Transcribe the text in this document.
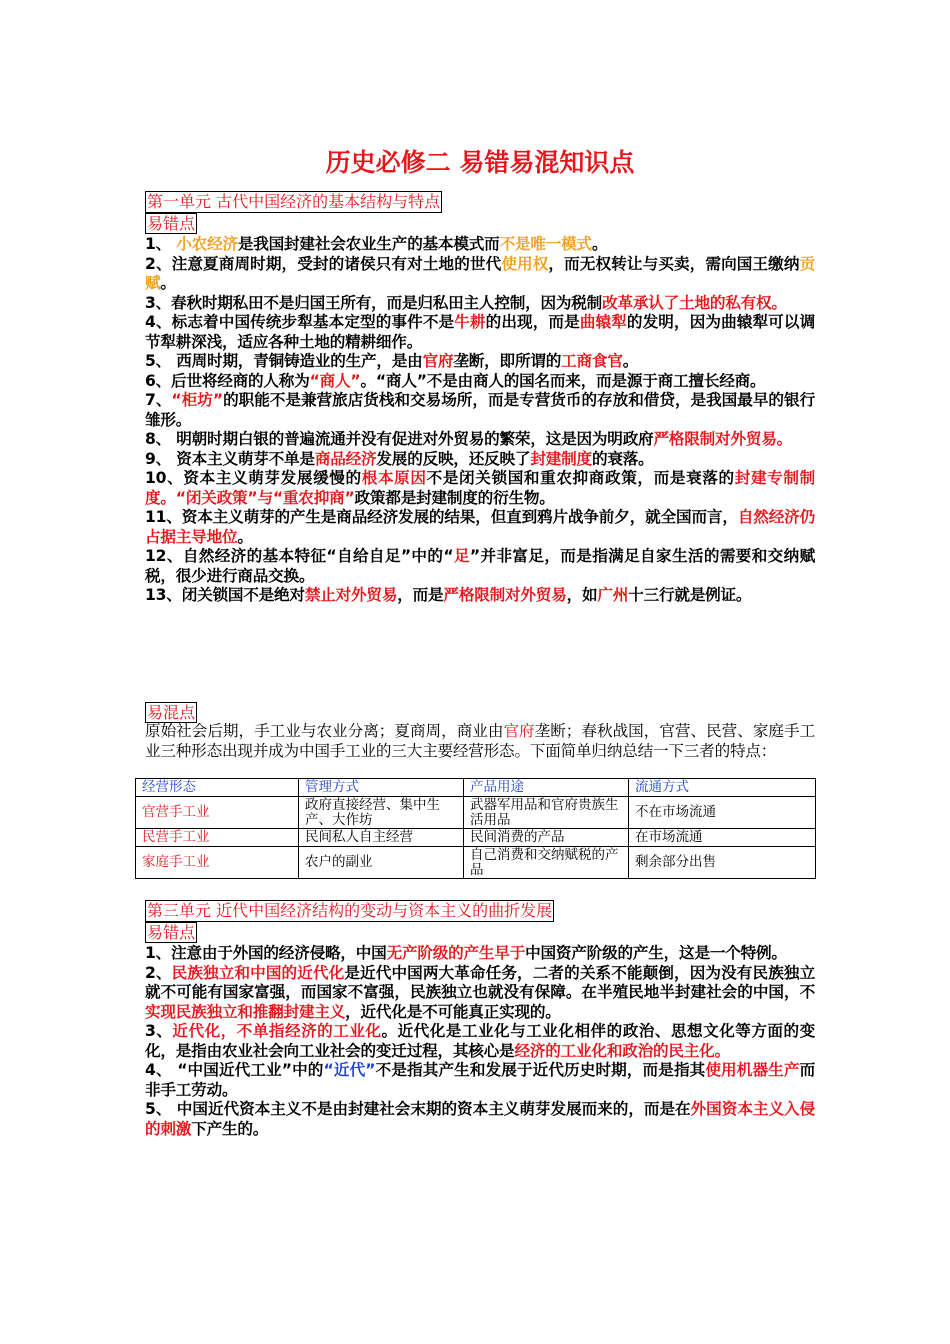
历史必修二 易错易混知识点
第一单元 古代中国经济的基本结构与特点
易错点

1、 小农经济是我国封建社会农业生产的基本模式而不是唯一模式。

2、注意夏商周时期，受封的诸侯只有对土地的世代使用权，而无权转让与买卖，需向国王缴纳贡赋。

3、春秋时期私田不是归国王所有，而是归私田主人控制，因为税制改革承认了土地的私有权。

4、标志着中国传统步犁基本定型的事件不是牛耕的出现，而是曲辕犁的发明，因为曲辕犁可以调节犁耕深浅，适应各种土地的精耕细作。

5、 西周时期，青铜铸造业的生产，是由官府垄断，即所谓的工商食官。

6、后世将经商的人称为“商人”。“商人”不是由商人的国名而来，而是源于商工擅长经商。

7、“柜坊”的职能不是兼营旅店货栈和交易场所，而是专营货币的存放和借贷，是我国最早的银行雏形。

8、 明朝时期白银的普遍流通并没有促进对外贸易的繁荣，这是因为明政府严格限制对外贸易。

9、 资本主义萌芽不单是商品经济发展的反映，还反映了封建制度的衰落。

10、资本主义萌芽发展缓慢的根本原因不是闭关锁国和重农抑商政策，而是衰落的封建专制制度。“闭关政策”与“重农抑商”政策都是封建制度的衍生物。

11、资本主义萌芽的产生是商品经济发展的结果，但直到鸦片战争前夕，就全国而言，自然经济仍占据主导地位。

12、自然经济的基本特征“自给自足”中的“足”并非富足，而是指满足自家生活的需要和交纳赋税，很少进行商品交换。

13、闭关锁国不是绝对禁止对外贸易，而是严格限制对外贸易，如广州十三行就是例证。

易混点

原始社会后期，手工业与农业分离；夏商周，商业由官府垄断；春秋战国，官营、民营、家庭手工业三种形态出现并成为中国手工业的三大主要经营形态。下面简单归纳总结一下三者的特点：

经营形态	管理方式	产品用途	流通方式
官营手工业	政府直接经营、集中生产、大作坊	武器军用品和官府贵族生活用品	不在市场流通
民营手工业	民间私人自主经营	民间消费的产品	在市场流通
家庭手工业	农户的副业	自己消费和交纳赋税的产品	剩余部分出售
第三单元 近代中国经济结构的变动与资本主义的曲折发展
易错点

1、注意由于外国的经济侵略，中国无产阶级的产生早于中国资产阶级的产生，这是一个特例。

2、民族独立和中国的近代化是近代中国两大革命任务，二者的关系不能颠倒，因为没有民族独立就不可能有国家富强，而国家不富强，民族独立也就没有保障。在半殖民地半封建社会的中国，不实现民族独立和推翻封建主义，近代化是不可能真正实现的。

3、近代化，不单指经济的工业化。近代化是工业化与工业化相伴的政治、思想文化等方面的变化，是指由农业社会向工业社会的变迁过程，其核心是经济的工业化和政治的民主化。

4、 “中国近代工业”中的“近代”不是指其产生和发展于近代历史时期，而是指其使用机器生产而非手工劳动。

5、 中国近代资本主义不是由封建社会末期的资本主义萌芽发展而来的，而是在外国资本主义入侵的刺激下产生的。
